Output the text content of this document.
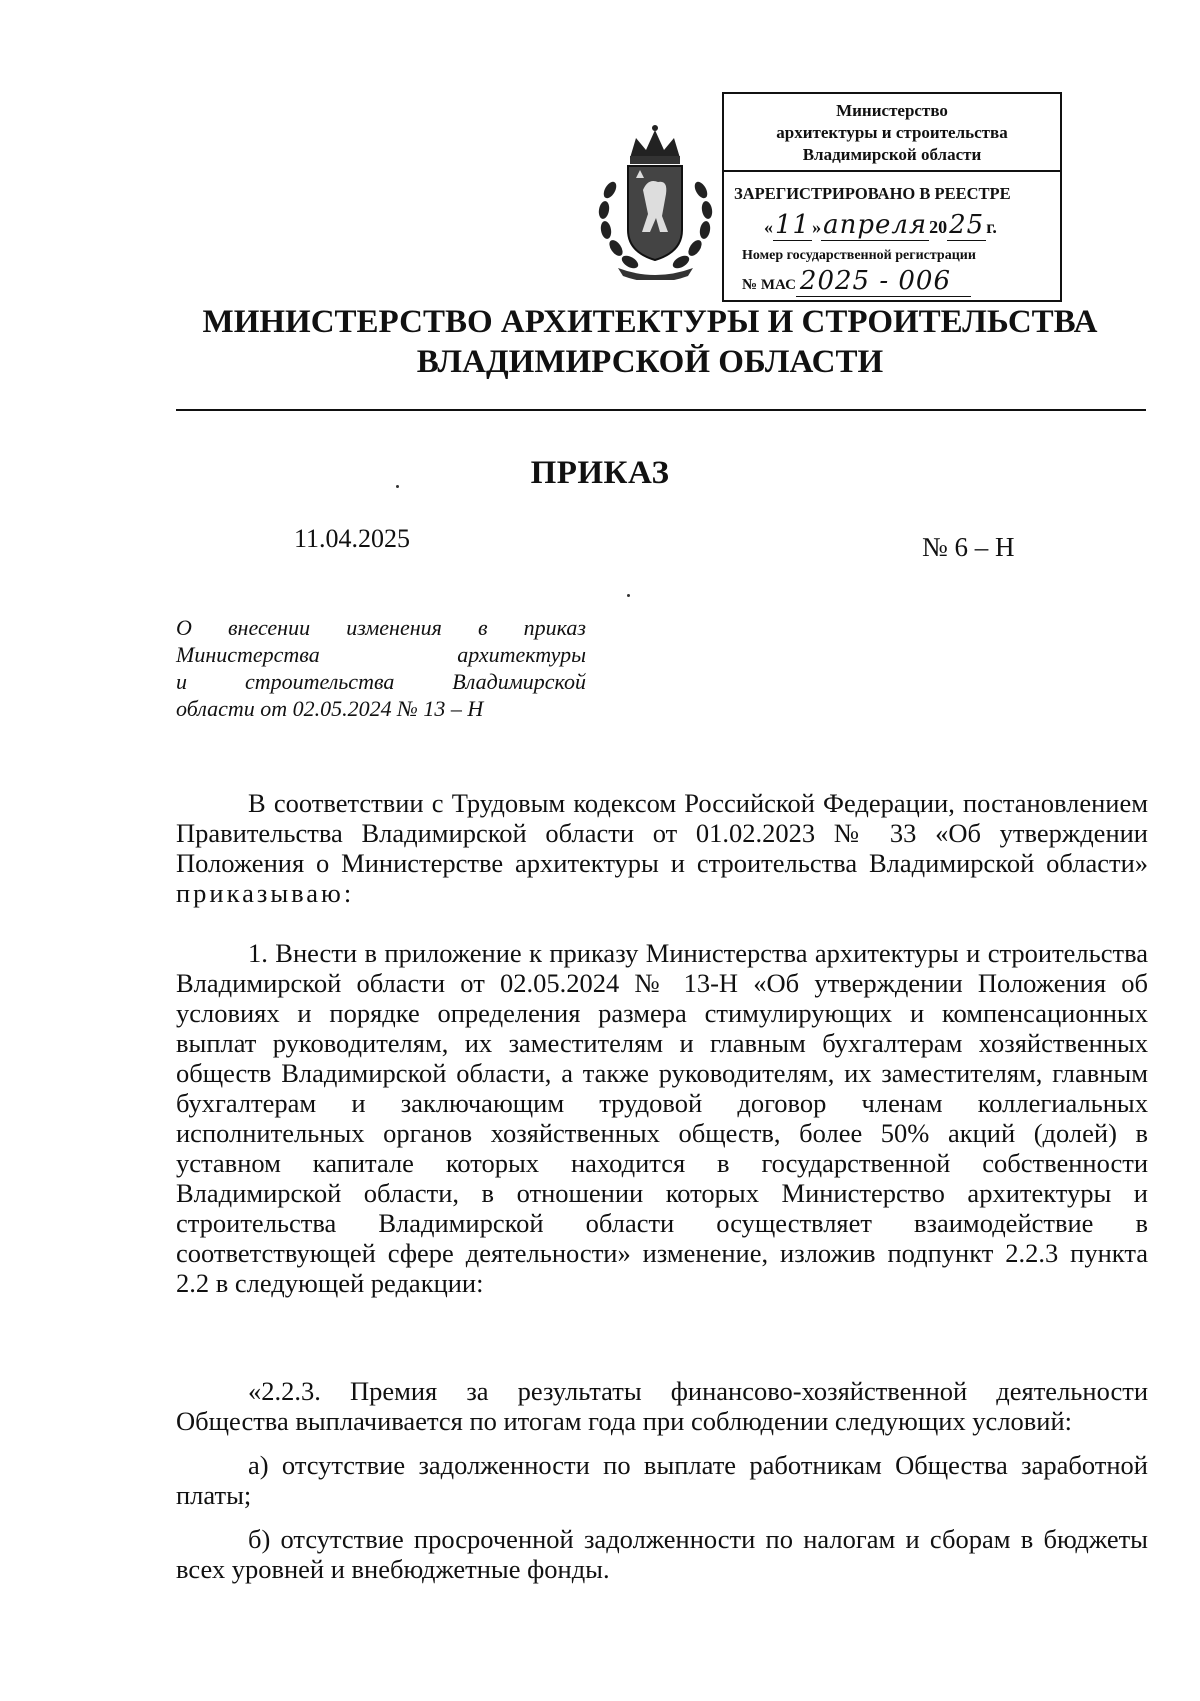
Министерство
архитектуры и строительства
Владимирской области
ЗАРЕГИСТРИРОВАНО В РЕЕСТРЕ
«11 »апреля 2025 г.
Номер государственной регистрации
№ МАС 2025 - 006
МИНИСТЕРСТВО АРХИТЕКТУРЫ И СТРОИТЕЛЬСТВА
ВЛАДИМИРСКОЙ ОБЛАСТИ
ПРИКАЗ
11.04.2025	№ 6 – Н
О внесении изменения в приказ
Министерства	архитектуры
и	строительства	Владимирской
области от 02.05.2024 № 13 – Н

В соответствии с Трудовым кодексом Российской Федерации, постановлением Правительства Владимирской области от 01.02.2023 № 33 «Об утверждении Положения о Министерстве архитектуры и строительства Владимирской области» приказываю:

1. Внести в приложение к приказу Министерства архитектуры и строительства Владимирской области от 02.05.2024 № 13-Н «Об утверждении Положения об условиях и порядке определения размера стимулирующих и компенсационных выплат руководителям, их заместителям и главным бухгалтерам хозяйственных обществ Владимирской области, а также руководителям, их заместителям, главным бухгалтерам и заключающим трудовой договор членам коллегиальных исполнительных органов хозяйственных обществ, более 50% акций (долей) в уставном капитале которых находится в государственной собственности Владимирской области, в отношении которых Министерство архитектуры и строительства Владимирской области осуществляет взаимодействие в соответствующей сфере деятельности» изменение, изложив подпункт 2.2.3 пункта 2.2 в следующей редакции:

«2.2.3. Премия за результаты финансово-хозяйственной деятельности Общества выплачивается по итогам года при соблюдении следующих условий:

а) отсутствие задолженности по выплате работникам Общества заработной платы;

б) отсутствие просроченной задолженности по налогам и сборам в бюджеты всех уровней и внебюджетные фонды.
